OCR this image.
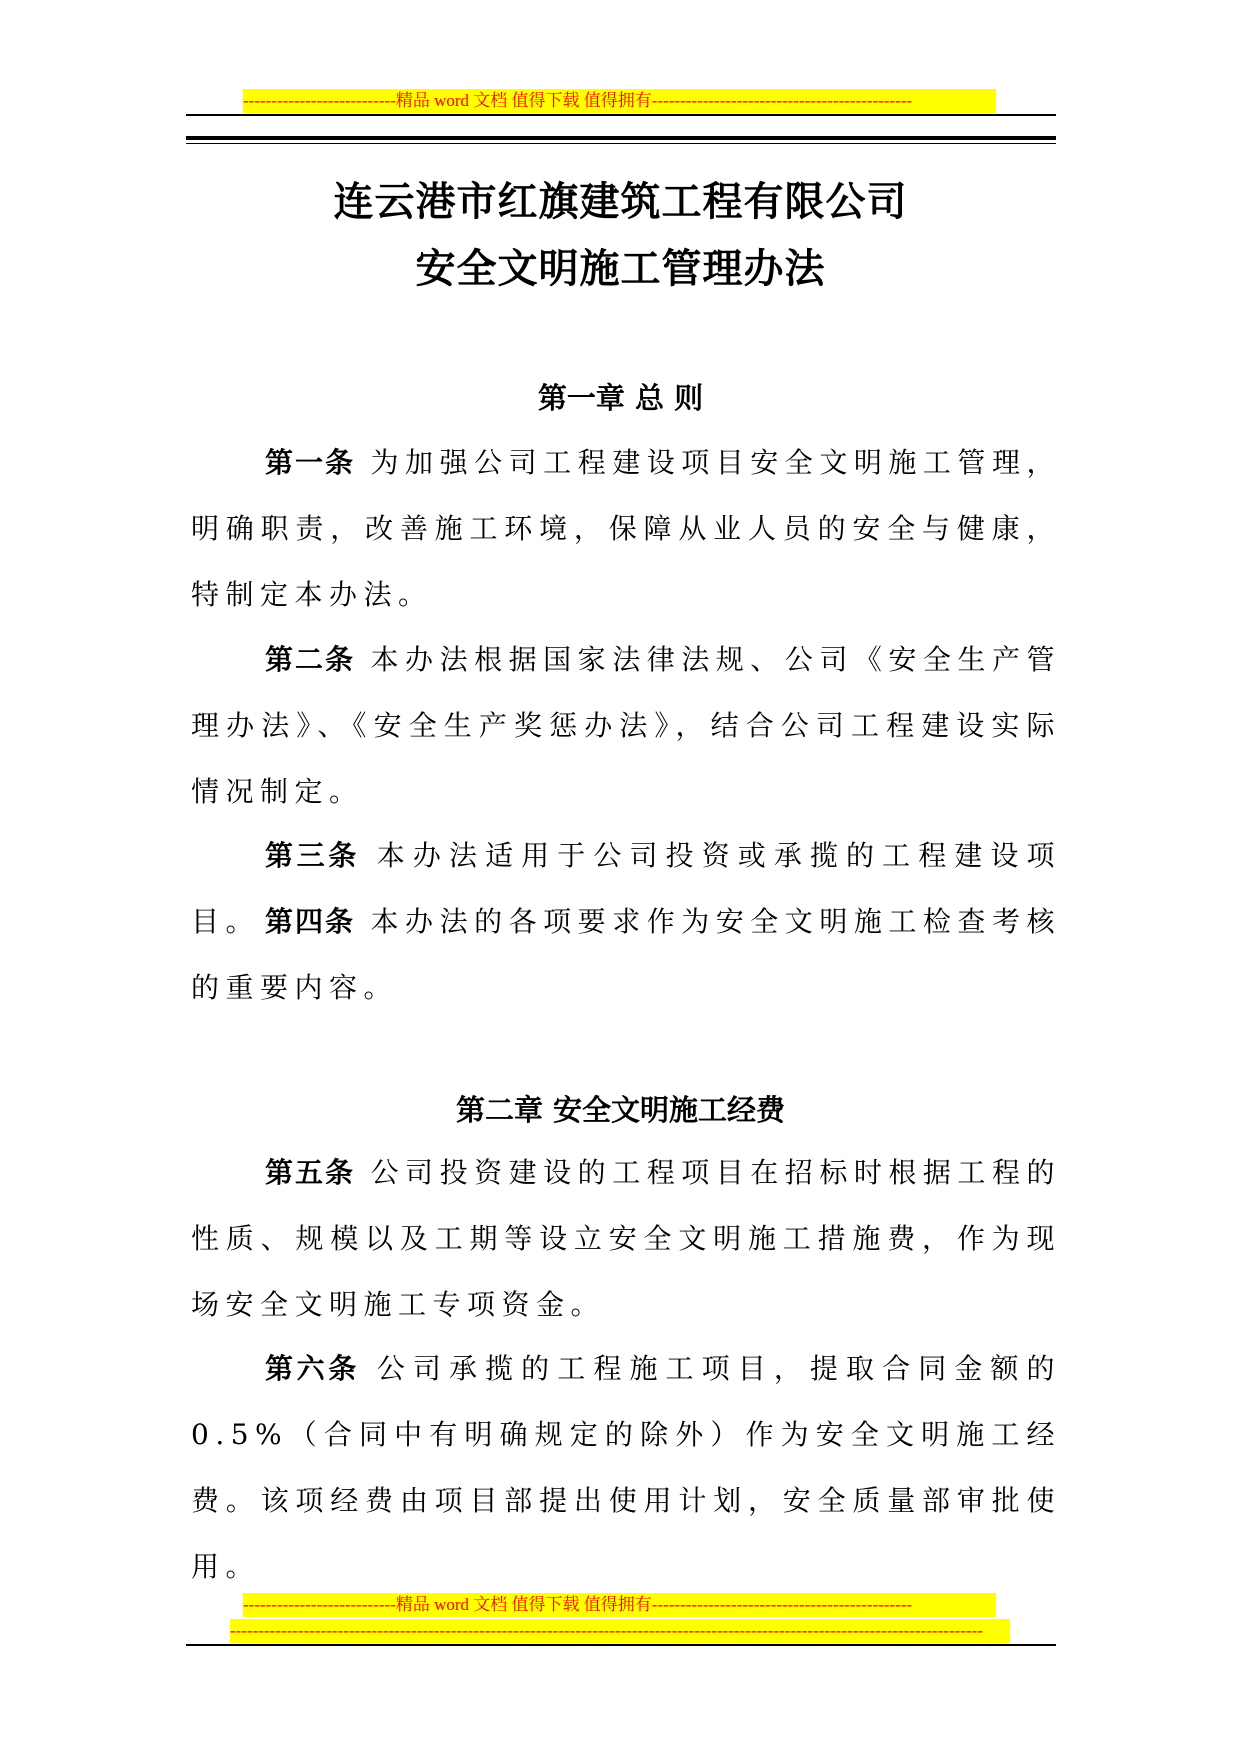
---------------------------精品 word 文档 值得下载 值得拥有----------------------------------------------
连云港市红旗建筑工程有限公司
安全文明施工管理办法
第一章 总 则
第一条 为加强公司工程建设项目安全文明施工管理，明确职责，改善施工环境，保障从业人员的安全与健康，特制定本办法。
第二条 本办法根据国家法律法规、公司《安全生产管理办法》、《安全生产奖惩办法》，结合公司工程建设实际情况制定。
第三条 本办法适用于公司投资或承揽的工程建设项目。 第四条 本办法的各项要求作为安全文明施工检查考核的重要内容。
第二章 安全文明施工经费
第五条 公司投资建设的工程项目在招标时根据工程的性质、规模以及工期等设立安全文明施工措施费，作为现场安全文明施工专项资金。
第六条 公司承揽的工程施工项目，提取合同金额的0.5%（合同中有明确规定的除外）作为安全文明施工经费。该项经费由项目部提出使用计划，安全质量部审批使用。
---------------------------精品 word 文档 值得下载 值得拥有----------------------------------------------
-------------------------------------------------------------------------------------------------------------------------------------
